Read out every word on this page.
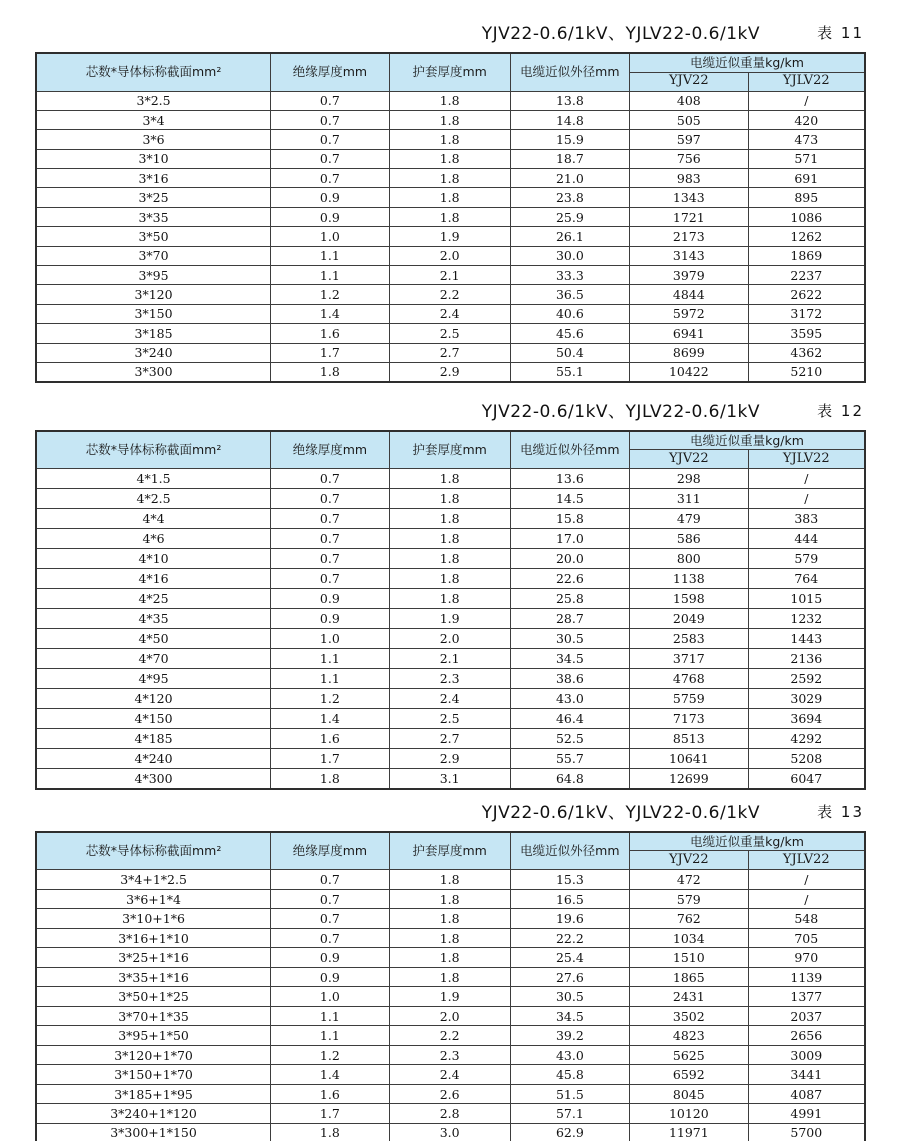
YJV22-0.6/1kV、YJLV22-0.6/1kV	表 11
芯数*导体标称截面mm²	绝缘厚度mm	护套厚度mm	电缆近似外径mm	电缆近似重量kg/km	
				YJV22	YJLV22
3*2.5	0.7	1.8	13.8	408	/
3*4	0.7	1.8	14.8	505	420
3*6	0.7	1.8	15.9	597	473
3*10	0.7	1.8	18.7	756	571
3*16	0.7	1.8	21.0	983	691
3*25	0.9	1.8	23.8	1343	895
3*35	0.9	1.8	25.9	1721	1086
3*50	1.0	1.9	26.1	2173	1262
3*70	1.1	2.0	30.0	3143	1869
3*95	1.1	2.1	33.3	3979	2237
3*120	1.2	2.2	36.5	4844	2622
3*150	1.4	2.4	40.6	5972	3172
3*185	1.6	2.5	45.6	6941	3595
3*240	1.7	2.7	50.4	8699	4362
3*300	1.8	2.9	55.1	10422	5210
YJV22-0.6/1kV、YJLV22-0.6/1kV	表 12
芯数*导体标称截面mm²	绝缘厚度mm	护套厚度mm	电缆近似外径mm	电缆近似重量kg/km	
				YJV22	YJLV22
4*1.5	0.7	1.8	13.6	298	/
4*2.5	0.7	1.8	14.5	311	/
4*4	0.7	1.8	15.8	479	383
4*6	0.7	1.8	17.0	586	444
4*10	0.7	1.8	20.0	800	579
4*16	0.7	1.8	22.6	1138	764
4*25	0.9	1.8	25.8	1598	1015
4*35	0.9	1.9	28.7	2049	1232
4*50	1.0	2.0	30.5	2583	1443
4*70	1.1	2.1	34.5	3717	2136
4*95	1.1	2.3	38.6	4768	2592
4*120	1.2	2.4	43.0	5759	3029
4*150	1.4	2.5	46.4	7173	3694
4*185	1.6	2.7	52.5	8513	4292
4*240	1.7	2.9	55.7	10641	5208
4*300	1.8	3.1	64.8	12699	6047
YJV22-0.6/1kV、YJLV22-0.6/1kV	表 13
芯数*导体标称截面mm²	绝缘厚度mm	护套厚度mm	电缆近似外径mm	电缆近似重量kg/km	
				YJV22	YJLV22
3*4+1*2.5	0.7	1.8	15.3	472	/
3*6+1*4	0.7	1.8	16.5	579	/
3*10+1*6	0.7	1.8	19.6	762	548
3*16+1*10	0.7	1.8	22.2	1034	705
3*25+1*16	0.9	1.8	25.4	1510	970
3*35+1*16	0.9	1.8	27.6	1865	1139
3*50+1*25	1.0	1.9	30.5	2431	1377
3*70+1*35	1.1	2.0	34.5	3502	2037
3*95+1*50	1.1	2.2	39.2	4823	2656
3*120+1*70	1.2	2.3	43.0	5625	3009
3*150+1*70	1.4	2.4	45.8	6592	3441
3*185+1*95	1.6	2.6	51.5	8045	4087
3*240+1*120	1.7	2.8	57.1	10120	4991
3*300+1*150	1.8	3.0	62.9	11971	5700
